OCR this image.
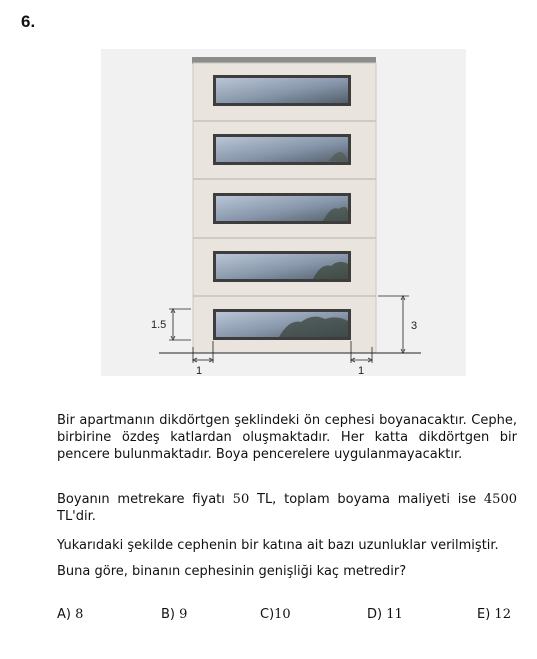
6.
1.5	3
1	1
Bir apartmanın dikdörtgen şeklindeki ön cephesi boyanacaktır. Cephe, birbirine özdeş katlardan oluşmaktadır. Her katta dikdörtgen bir pencere bulunmaktadır. Boya pencerelere uygulanmayacaktır.
Boyanın metrekare fiyatı 50 TL, toplam boyama maliyeti ise 4500 TL'dir.
Yukarıdaki şekilde cephenin bir katına ait bazı uzunluklar verilmiştir.
Buna göre, binanın cephesinin genişliği kaç metredir?
A) 8	B) 9	C)10	D) 11	E) 12
